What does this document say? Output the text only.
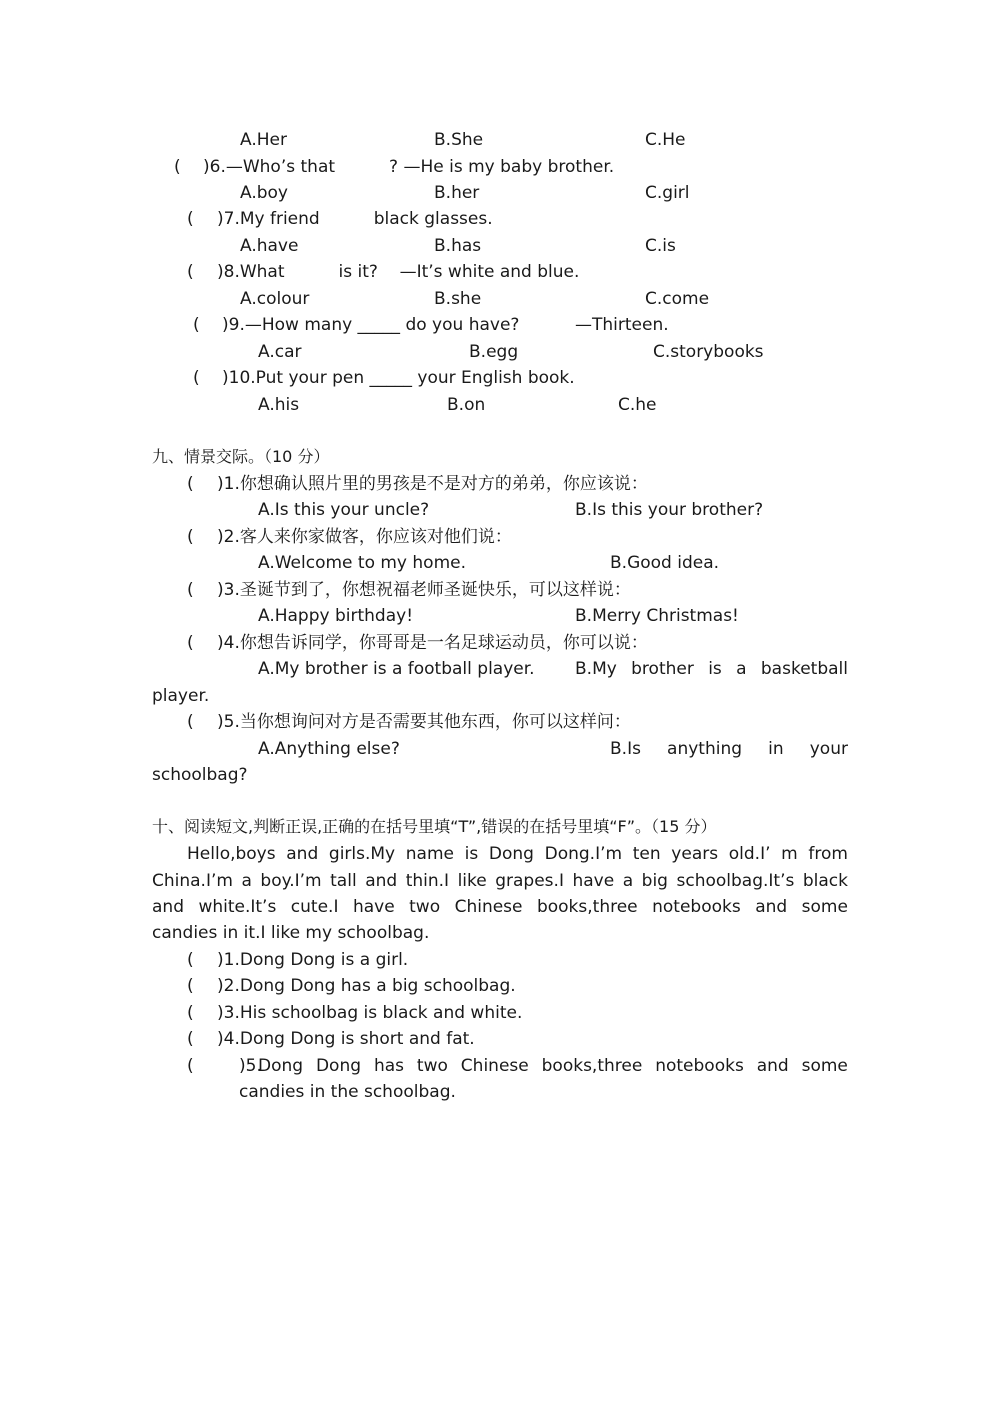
A.Her	B.She	C.He
( )6.—Who’s that          ? —He is my baby brother.
A.boy	B.her	C.girl
( )7.My friend          black glasses.
A.have	B.has	C.is
( )8.What          is it?    —It’s white and blue.
A.colour	B.she	C.come
( )9.—How many _____ do you have?	—Thirteen.
A.car	B.egg	C.storybooks
( )10.Put your pen _____ your English book.
A.his	B.on	C.he
九、情景交际。（10 分）
( )1.你想确认照片里的男孩是不是对方的弟弟，你应该说：
A.Is this your uncle?	B.Is this your brother?
( )2.客人来你家做客，你应该对他们说：
A.Welcome to my home.	B.Good idea.
( )3.圣诞节到了，你想祝福老师圣诞快乐，可以这样说：
A.Happy birthday!	B.Merry Christmas!
( )4.你想告诉同学，你哥哥是一名足球运动员，你可以说：
A.My brother is a football player. B.My brother is a basketball
player.
( )5.当你想询问对方是否需要其他东西，你可以这样问：
A.Anything else?	B.Is anything in your
schoolbag?
十、阅读短文,判断正误,正确的在括号里填“T”,错误的在括号里填“F”。（15 分）
Hello,boys and girls.My name is Dong Dong.I’m ten years old.I’ m from
China.I’m a boy.I’m tall and thin.I like grapes.I have a big schoolbag.It’s black
and white.It’s cute.I have two Chinese books,three notebooks and some
candies in it.I like my schoolbag.
( )1.Dong Dong is a girl.
( )2.Dong Dong has a big schoolbag.
( )3.His schoolbag is black and white.
( )4.Dong Dong is short and fat.
(	)5.
Dong Dong has two Chinese books,three notebooks and some
candies in the schoolbag.
